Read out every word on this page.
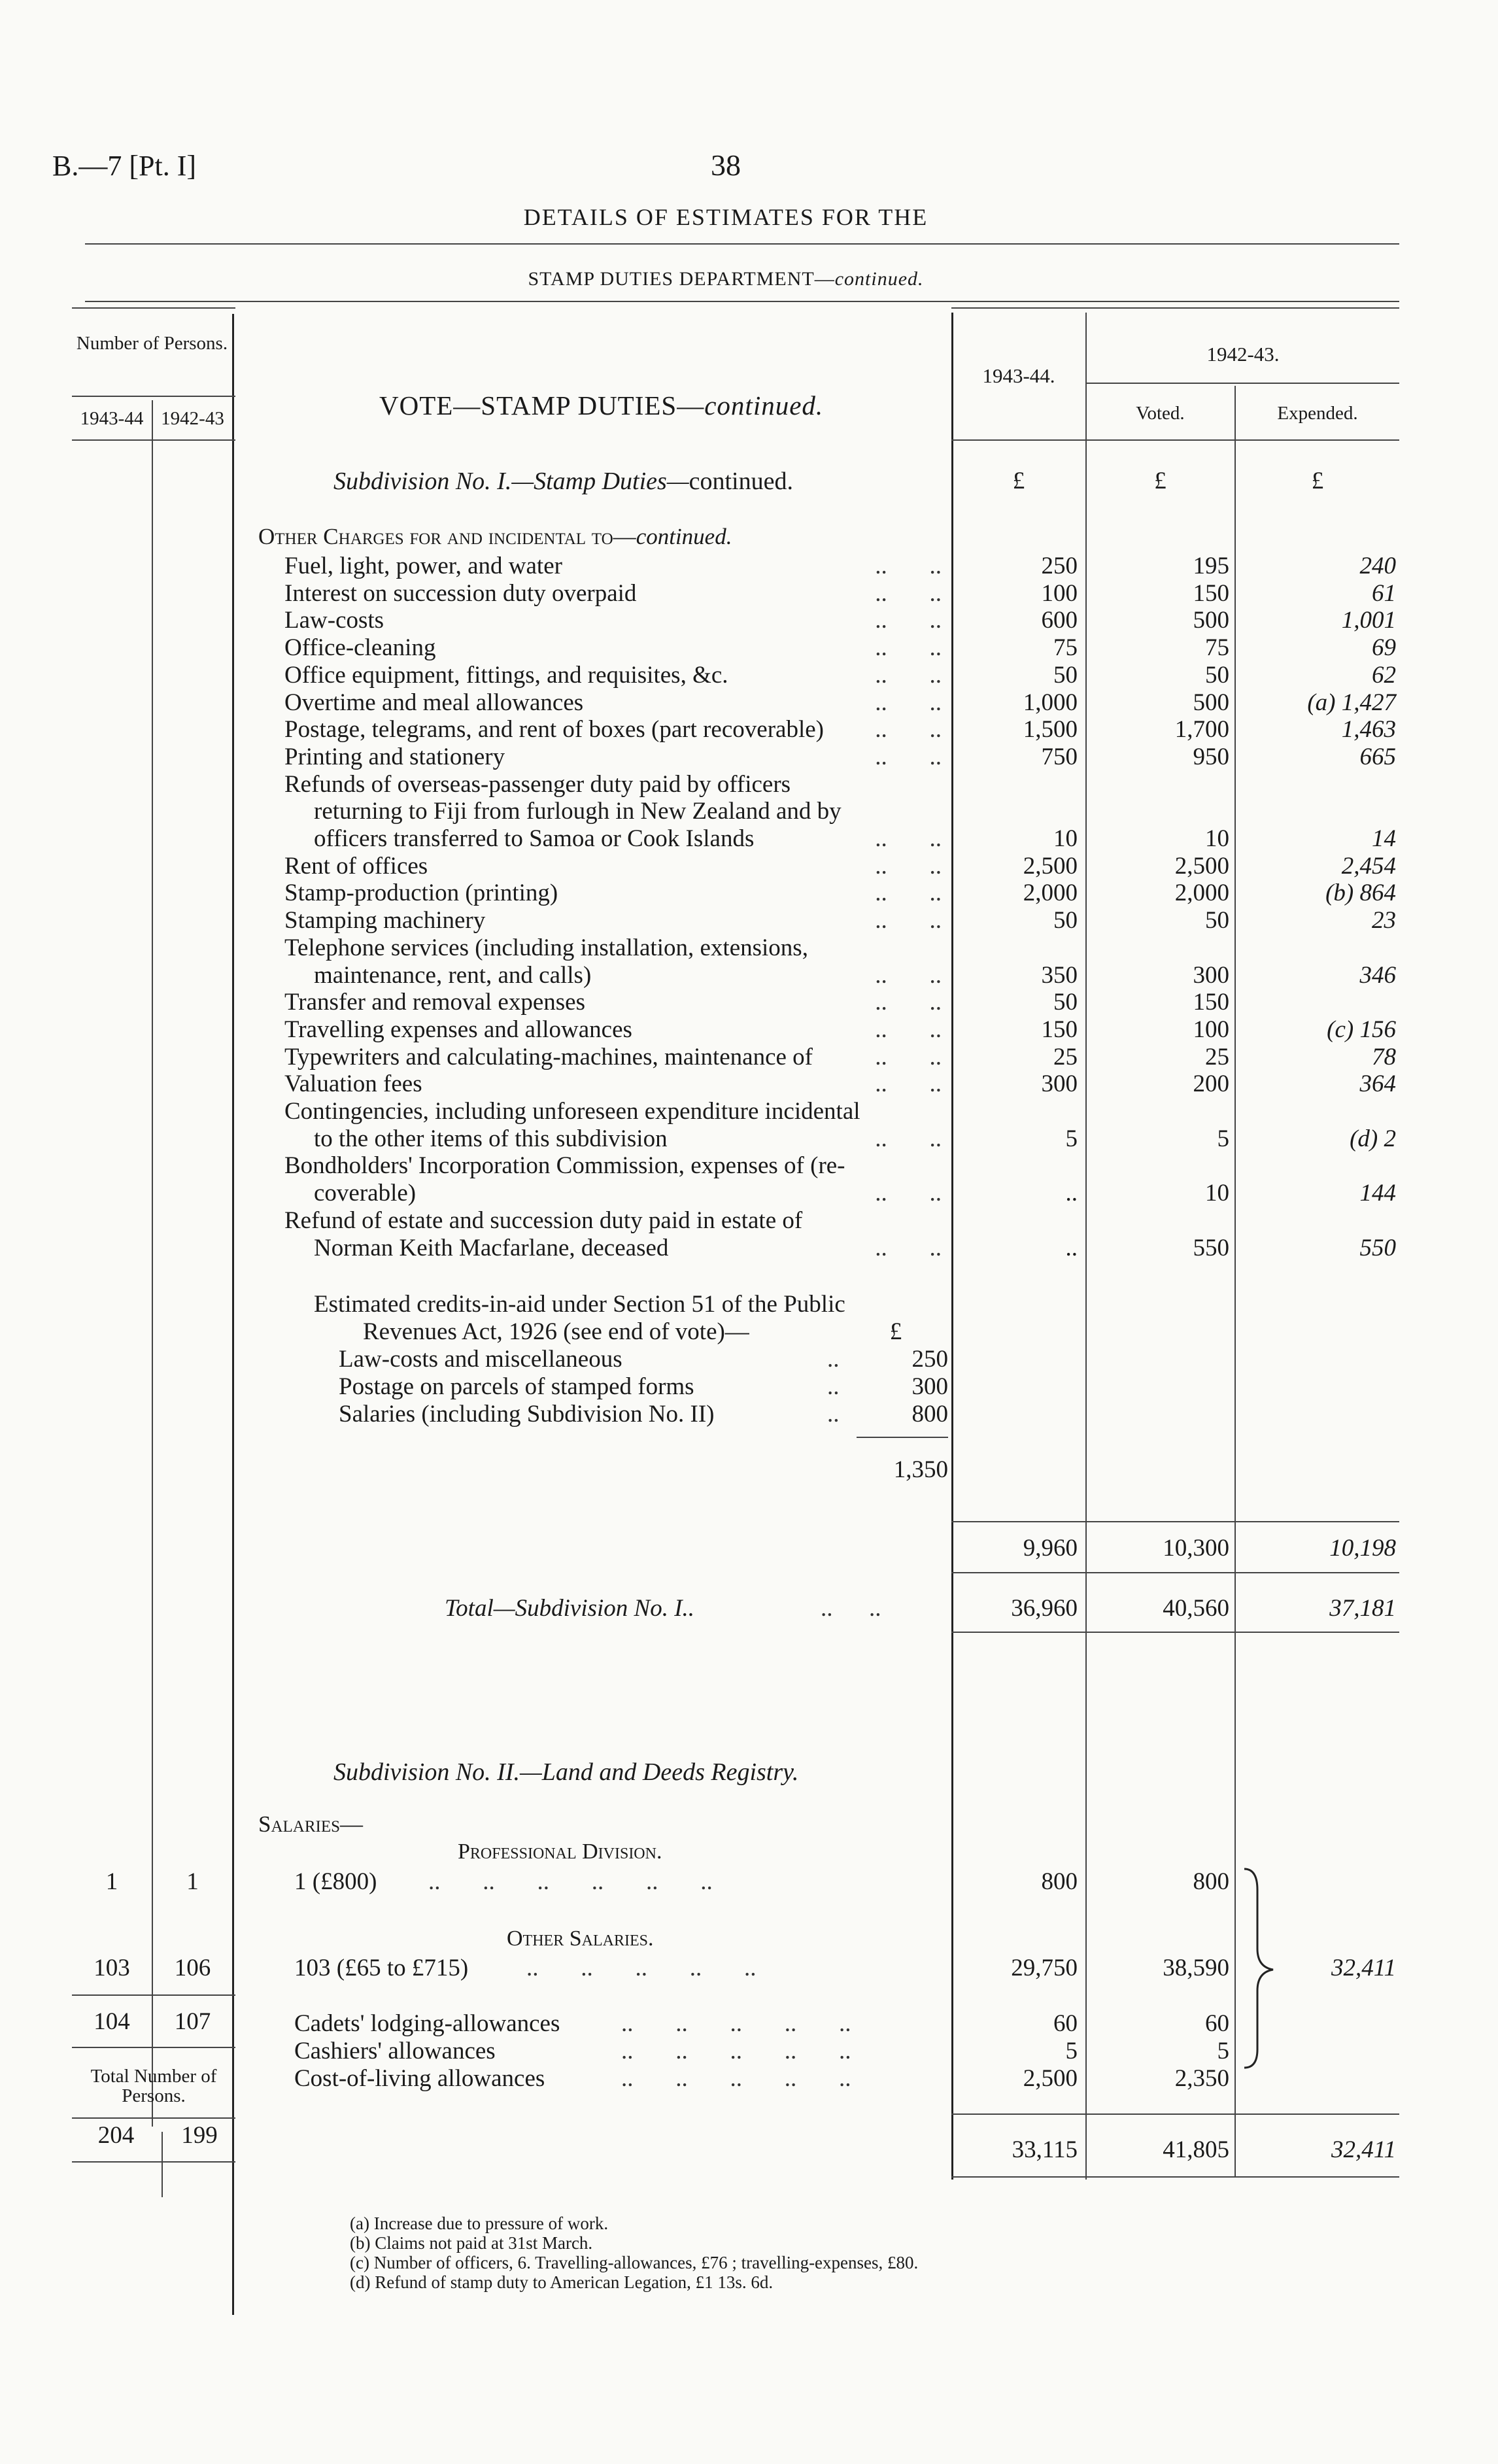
B.—7 [Pt. I]	38
DETAILS OF ESTIMATES FOR THE
STAMP DUTIES DEPARTMENT—continued.
Number of Persons.
1943-44 1942-43	VOTE—STAMP DUTIES—continued.
1943-44.
1942-43.
Voted.	Expended.
£	£	£
Subdivision No. I.—Stamp Duties—continued.
Other Charges for and incidental to—continued.
Fuel, light, power, and water	..       ..	250	195	240
Interest on succession duty overpaid	..       ..	100	150	61
Law-costs	..       ..	600	500	1,001
Office-cleaning	..       ..	75	75	69
Office equipment, fittings, and requisites, &c.	..       ..	50	50	62
Overtime and meal allowances	..       ..	1,000	500	(a) 1,427
Postage, telegrams, and rent of boxes (part recoverable)	..       ..	1,500	1,700	1,463
Printing and stationery	..       ..	750	950	665
Refunds of overseas-passenger duty paid by officers
returning to Fiji from furlough in New Zealand and by
officers transferred to Samoa or Cook Islands	..       ..	10	10	14
Rent of offices	..       ..	2,500	2,500	2,454
Stamp-production (printing)	..       ..	2,000	2,000	(b) 864
Stamping machinery	..       ..	50	50	23
Telephone services (including installation, extensions,
maintenance, rent, and calls)	..       ..	350	300	346
Transfer and removal expenses	..       ..	50	150
Travelling expenses and allowances	..       ..	150	100	(c) 156
Typewriters and calculating-machines, maintenance of	..       ..	25	25	78
Valuation fees	..       ..	300	200	364
Contingencies, including unforeseen expenditure incidental
to the other items of this subdivision	..       ..	5	5	(d) 2
Bondholders' Incorporation Commission, expenses of (re-
coverable)	..       ..	..	10	144
Refund of estate and succession duty paid in estate of
Norman Keith Macfarlane, deceased	..       ..	..	550	550
Estimated credits-in-aid under Section 51 of the Public
Revenues Act, 1926 (see end of vote)—	£
Law-costs and miscellaneous	..	250
Postage on parcels of stamped forms	..	300
Salaries (including Subdivision No. II)	..	800
1,350
9,960	10,300	10,198
Total—Subdivision No. I..	..      ..	36,960	40,560	37,181
Subdivision No. II.—Land and Deeds Registry.
Salaries—
Professional Division.
1	1	1 (£800) ..       ..       ..       ..       ..       ..	800	800
Other Salaries.
103	106	103 (£65 to £715) ..       ..       ..       ..       ..	29,750	38,590	32,411
104	107	Cadets' lodging-allowances	..       ..       ..       ..       ..	60	60
Cashiers' allowances	..       ..       ..       ..       ..	5	5
Cost-of-living allowances	..       ..       ..       ..       ..	2,500	2,350
Total Number of Persons.
204	199
33,115	41,805	32,411
(a) Increase due to pressure of work.
(b) Claims not paid at 31st March.
(c) Number of officers, 6. Travelling-allowances, £76 ; travelling-expenses, £80.
(d) Refund of stamp duty to American Legation, £1 13s. 6d.
